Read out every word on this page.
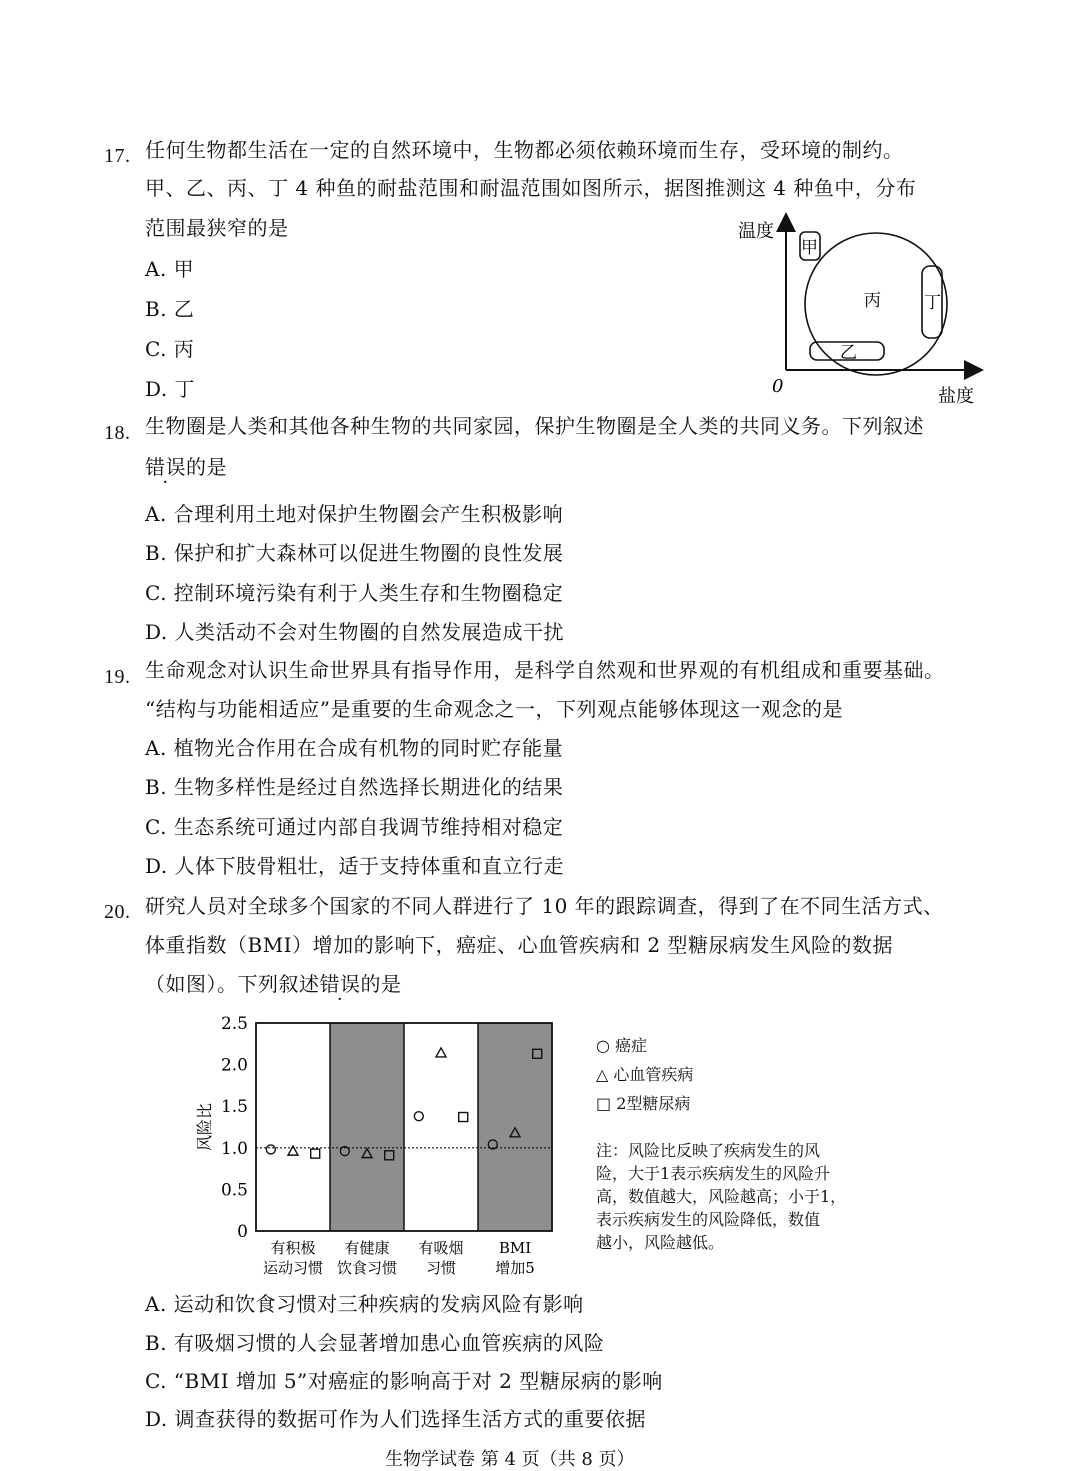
17. 任何生物都生活在一定的自然环境中，生物都必须依赖环境而生存，受环境的制约。
甲、乙、丙、丁 4 种鱼的耐盐范围和耐温范围如图所示，据图推测这 4 种鱼中，分布
范围最狭窄的是
A. 甲
B. 乙
C. 丙
D. 丁
温度
盐度
0
甲
丙	丁
乙
18. 生物圈是人类和其他各种生物的共同家园，保护生物圈是全人类的共同义务。下列叙述
错误的是
A. 合理利用土地对保护生物圈会产生积极影响
B. 保护和扩大森林可以促进生物圈的良性发展
C. 控制环境污染有利于人类生存和生物圈稳定
D. 人类活动不会对生物圈的自然发展造成干扰
19. 生命观念对认识生命世界具有指导作用，是科学自然观和世界观的有机组成和重要基础。
“结构与功能相适应”是重要的生命观念之一，下列观点能够体现这一观念的是
A. 植物光合作用在合成有机物的同时贮存能量
B. 生物多样性是经过自然选择长期进化的结果
C. 生态系统可通过内部自我调节维持相对稳定
D. 人体下肢骨粗壮，适于支持体重和直立行走
20. 研究人员对全球多个国家的不同人群进行了 10 年的跟踪调查，得到了在不同生活方式、
体重指数（BMI）增加的影响下，癌症、心血管疾病和 2 型糖尿病发生风险的数据
（如图）。下列叙述错误的是
0
0.5
1.0
1.5
2.0
2.5
有积极
运动习惯
有健康
饮食习惯
有吸烟
习惯
BMI
增加5
风险比
○ 癌症
△ 心血管疾病
□ 2型糖尿病
注：风险比反映了疾病发生的风
险，大于1表示疾病发生的风险升
高，数值越大，风险越高；小于1，
表示疾病发生的风险降低，数值
越小，风险越低。
A. 运动和饮食习惯对三种疾病的发病风险有影响
B. 有吸烟习惯的人会显著增加患心血管疾病的风险
C. “BMI 增加 5”对癌症的影响高于对 2 型糖尿病的影响
D. 调查获得的数据可作为人们选择生活方式的重要依据
生物学试卷 第 4 页（共 8 页）
